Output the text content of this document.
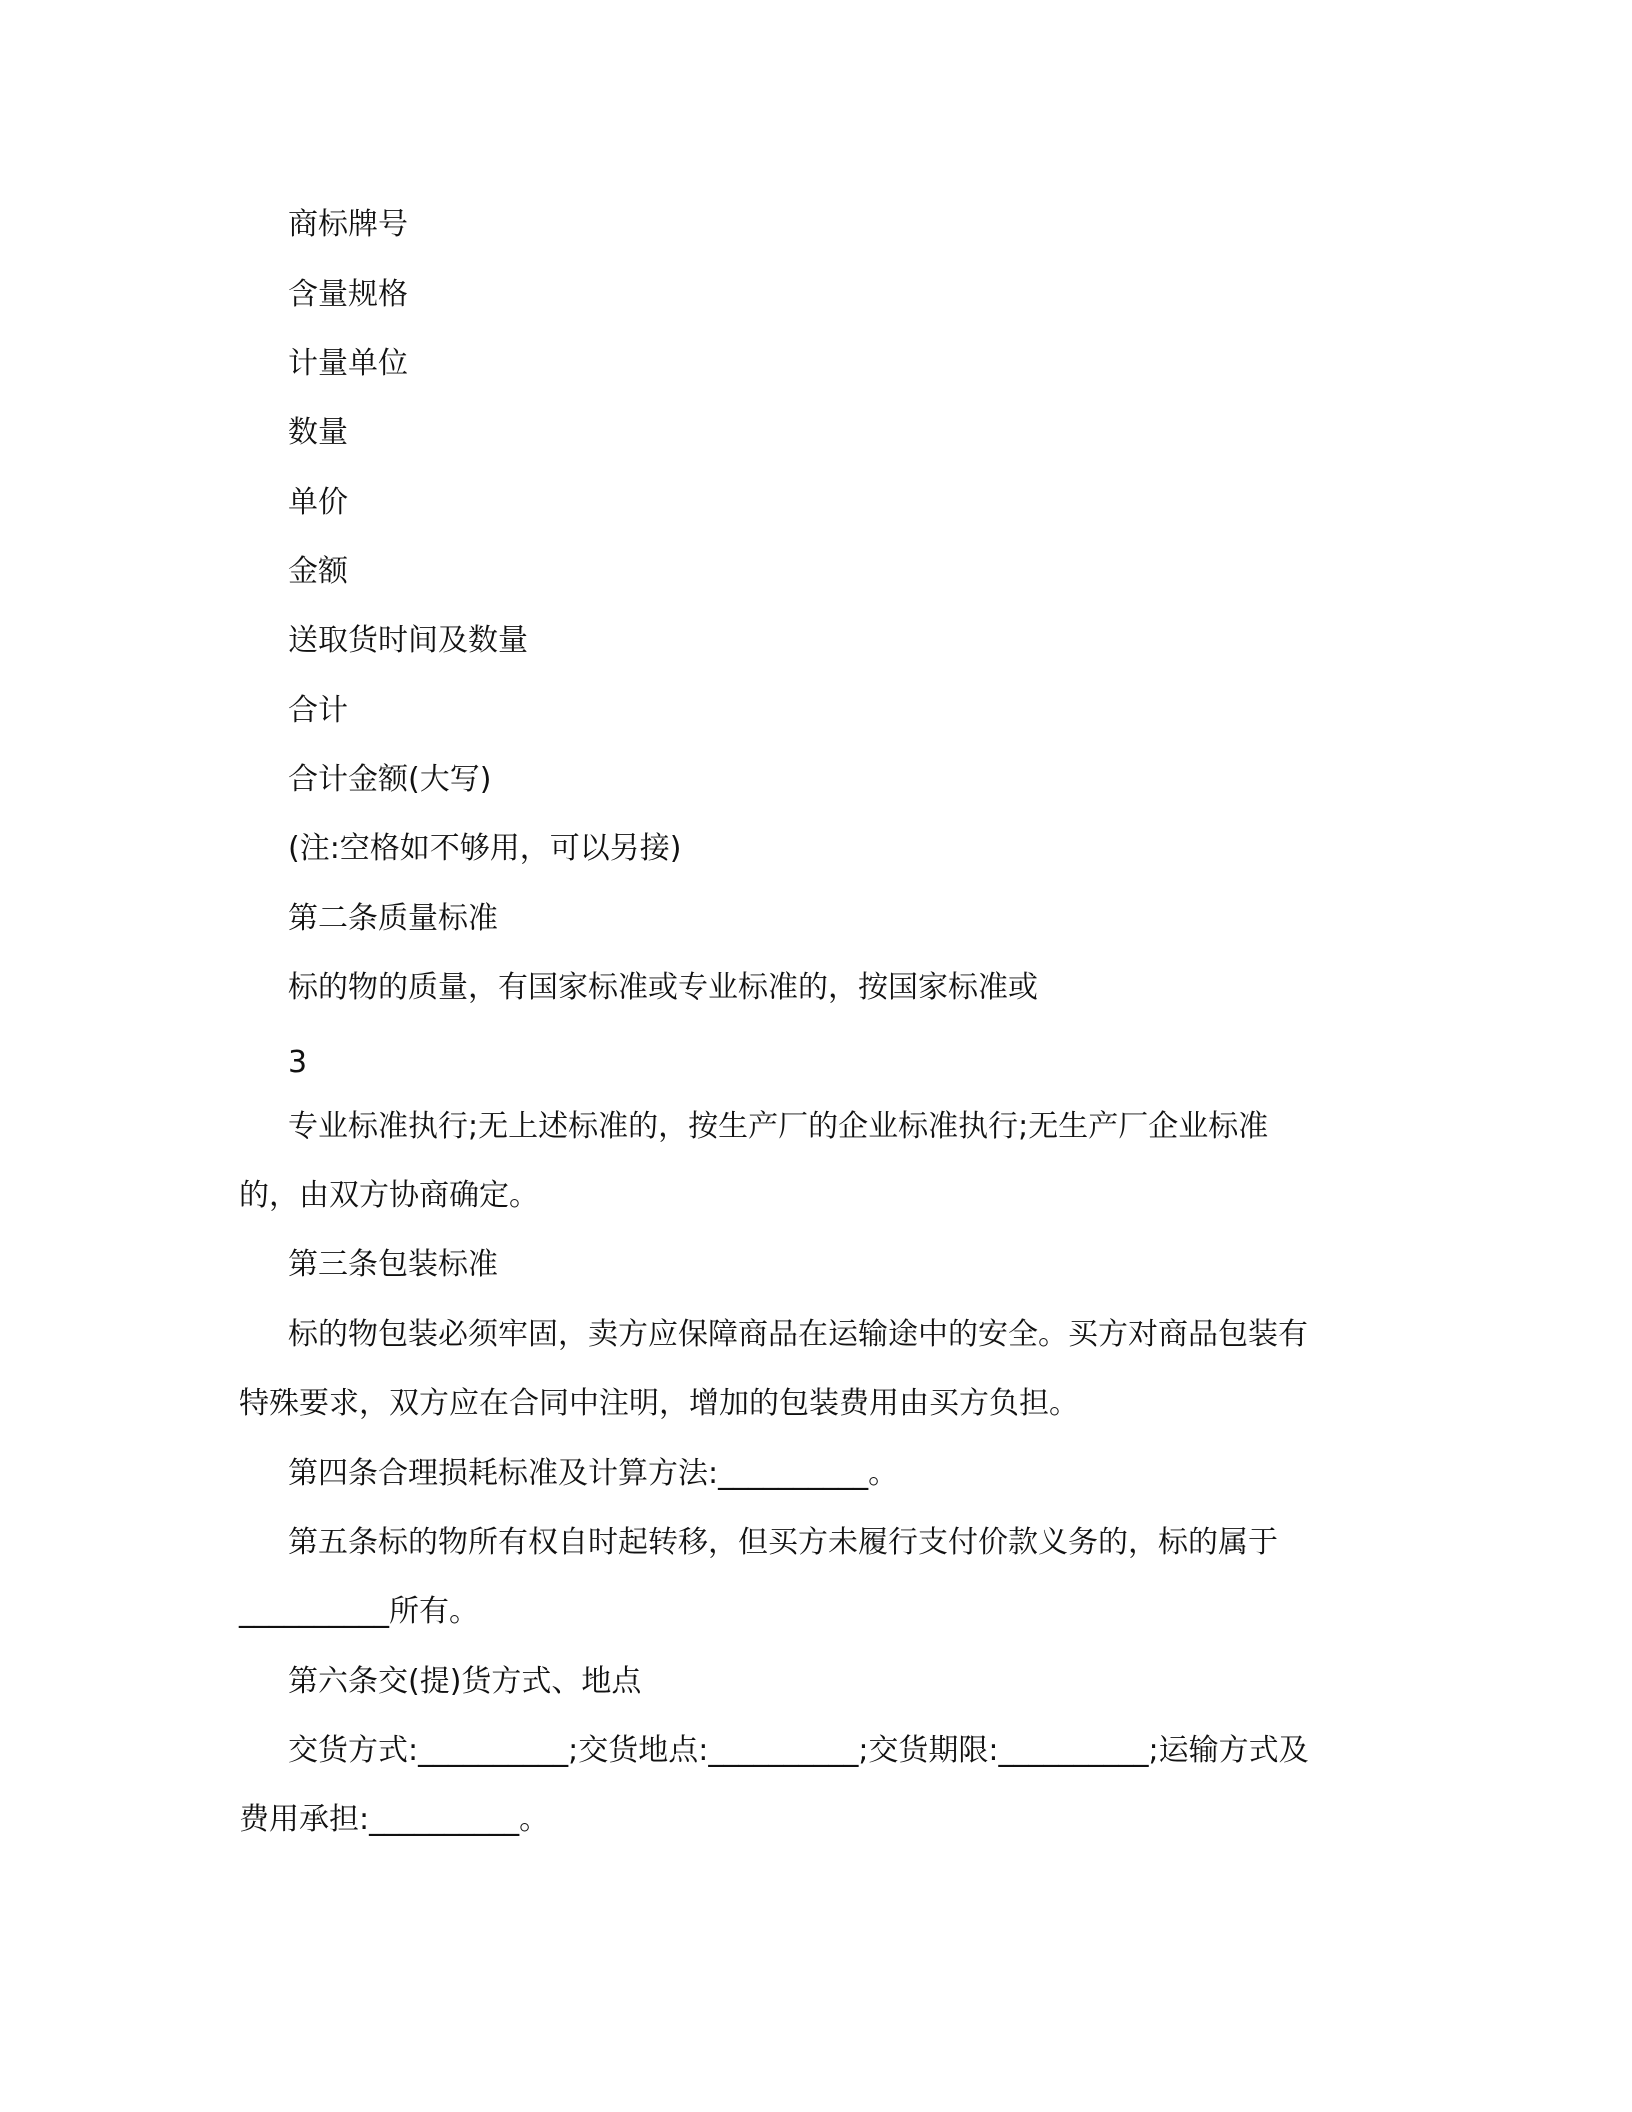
商标牌号

含量规格

计量单位

数量

单价

金额

送取货时间及数量

合计

合计金额(大写)

(注:空格如不够用，可以另接)

第二条质量标准

标的物的质量，有国家标准或专业标准的，按国家标准或

3

专业标准执行;无上述标准的，按生产厂的企业标准执行;无生产厂企业标准

的，由双方协商确定。

第三条包装标准

标的物包装必须牢固，卖方应保障商品在运输途中的安全。买方对商品包装有

特殊要求，双方应在合同中注明，增加的包装费用由买方负担。

第四条合理损耗标准及计算方法:__________。

第五条标的物所有权自时起转移，但买方未履行支付价款义务的，标的属于

__________所有。

第六条交(提)货方式、地点

交货方式:__________;交货地点:__________;交货期限:__________;运输方式及

费用承担:__________。
